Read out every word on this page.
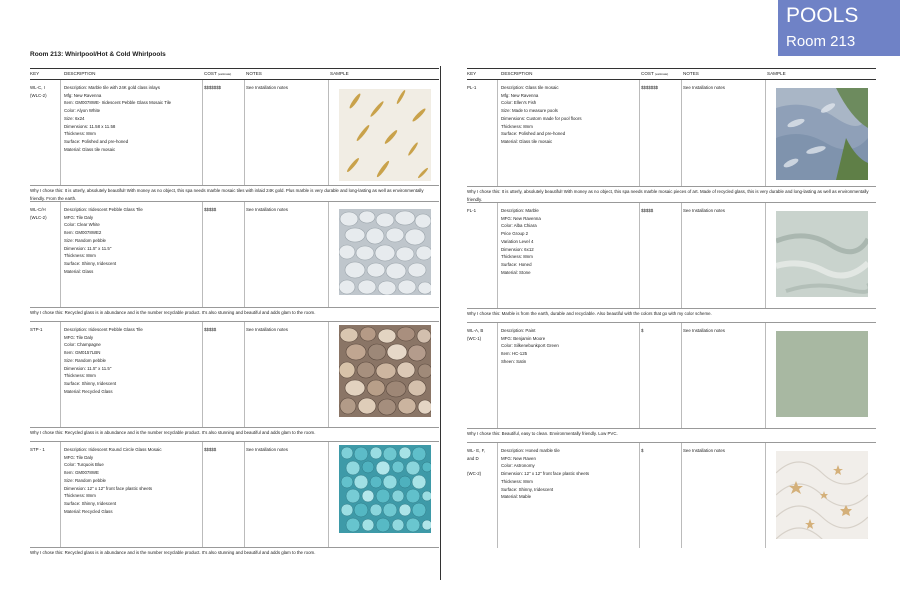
POOLS
Room 213
Room 213: Whirlpool/Hot & Cold Whirlpools
KEY	DESCRIPTION	COST (estimate)	NOTES	SAMPLE
WL-C, I
(WLC-2)
Description: Marble tile with 24K gold class inlays
Mfg: New Ravenna
Item: GM0078WE- Iridescent Pebble Glass Mosaic Tile
Color: Alyon White
Size: 6x24
Dimensions: 11.58 x 11.58
Thickness: 8mm
Surface: Polished and pre-honed
Material: Glass tile mosaic
$$$$$$$	See Installation notes
Why I chose this: It is utterly, absolutely beautiful! With money as no object, this spa needs marble mosaic tiles with inlaid 24K gold. Plus marble is very durable and long-lasting as well as environmentally friendly. From the earth.
WL-C/H
(WLC-2)
Description: Iridescent Pebble Glass Tile
MFG: Tile Daly
Color: Clear White
Item: GM0078WE2
Size: Random pebble
Dimension: 11.5" x 11.5"
Thickness: 8mm
Surface: Shinny, Iridescent
Material: Glass
$$$$$	See Installation notes
Why I chose this: Recycled glass is in abundance and is the number recyclable product. It's also stunning and beautiful and adds glam to the room.
STP-1	Description: Iridescent Pebble Glass Tile
MFG: Tile Daly
Color: Champagne
Item: GM0157LBN
Size: Random pebble
Dimension: 11.5" x 11.5"
Thickness: 8mm
Surface: Shinny, Iridescent
Material: Recycled Glass
$$$$$	See Installation notes
Why I chose this: Recycled glass is in abundance and is the number recyclable product. It's also stunning and beautiful and adds glam to the room.
STP - 1	Description: Iridescent Round Circle Glass Mosaic
MFG: Tile Daly
Color: Turquois Blue
Item: GM0078WE
Size: Random pebble
Dimension: 12" x 12" front face plastic sheets
Thickness: 8mm
Surface: Shinny, Iridescent
Material: Recycled Glass
$$$$$	See Installation notes
Why I chose this: Recycled glass is in abundance and is the number recyclable product. It's also stunning and beautiful and adds glam to the room.
KEY	DESCRIPTION	COST (estimate)	NOTES	SAMPLE
PL-1	Description: Glass tile mosaic
Mfg: New Ravenna
Color: Ellen's Fish
Size: Made to measure pools
Dimensions: Custom made for pool floors
Thickness: 8mm
Surface: Polished and pre-honed
Material: Glass tile mosaic
$$$$$$$	See Installation notes
Why I chose this: It is utterly, absolutely beautiful! With money as no object, this spa needs marble mosaic pieces of art. Made of recycled glass, this is very durable and long-lasting as well as environmentally friendly.
FL-1	Description: Marble
MFG: New Ravenna
Color: Alba Chiara
Price Group 2
Variation Level 4
Dimension: 6x12
Thickness: 8mm
Surface: Honed
Material: Stone
$$$$$	See Installation notes
Why I chose this: Marble is from the earth, durable and recyclable. Also beautiful with the colors that go with my color scheme.
WL-A, B
(WC-1)
Description: Paint
MFG: Benjamin Moore
Color: Silkenebunkport Green
Item: HC-125
Sheen: Satin
$	See Installation notes
Why I chose this: Beautiful, easy to clean. Environmentally friendly. Low PVC.
WL- E, F,
and D

(WC-2)
Description: Honed marble tile
MFG: New Raven
Color: Astronomy
Dimension: 12" x 12" front face plastic sheets
Thickness: 8mm
Surface: Shinny, Iridescent
Material: Mable
$	See Installation notes
